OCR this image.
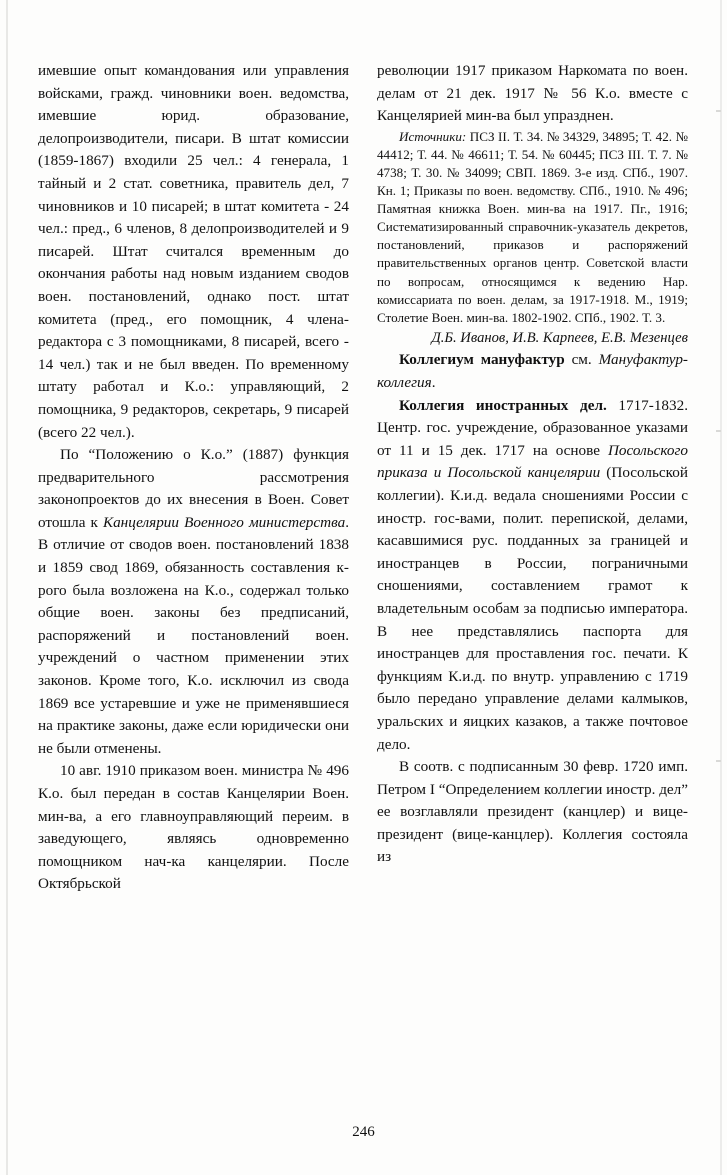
имевшие опыт командования или управления войсками, гражд. чиновники воен. ведомства, имевшие юрид. образование, делопроизводители, писари. В штат комиссии (1859-1867) входили 25 чел.: 4 генерала, 1 тайный и 2 стат. советника, правитель дел, 7 чиновников и 10 писарей; в штат комитета - 24 чел.: пред., 6 членов, 8 делопроизводителей и 9 писарей. Штат считался временным до окончания работы над новым изданием сводов воен. постановлений, однако пост. штат комитета (пред., его помощник, 4 члена-редактора с 3 помощниками, 8 писарей, всего - 14 чел.) так и не был введен. По временному штату работал и К.о.: управляющий, 2 помощника, 9 редакторов, секретарь, 9 писарей (всего 22 чел.).

По “Положению о К.о.” (1887) функция предварительного рассмотрения законопроектов до их внесения в Воен. Совет отошла к Канцелярии Военного министерства. В отличие от сводов воен. постановлений 1838 и 1859 свод 1869, обязанность составления к-рого была возложена на К.о., содержал только общие воен. законы без предписаний, распоряжений и постановлений воен. учреждений о частном применении этих законов. Кроме того, К.о. исключил из свода 1869 все устаревшие и уже не применявшиеся на практике законы, даже если юридически они не были отменены.

10 авг. 1910 приказом воен. министра № 496 К.о. был передан в состав Канцелярии Воен. мин-ва, а его главноуправляющий переим. в заведующего, являясь одновременно помощником нач-ка канцелярии. После Октябрьской

революции 1917 приказом Наркомата по воен. делам от 21 дек. 1917 № 56 К.о. вместе с Канцелярией мин-ва был упразднен.

Источники: ПСЗ II. Т. 34. № 34329, 34895; Т. 42. № 44412; Т. 44. № 46611; Т. 54. № 60445; ПСЗ III. Т. 7. № 4738; Т. 30. № 34099; СВП. 1869. 3-е изд. СПб., 1907. Кн. 1; Приказы по воен. ведомству. СПб., 1910. № 496; Памятная книжка Воен. мин-ва на 1917. Пг., 1916; Систематизированный справочник-указатель декретов, постановлений, приказов и распоряжений правительственных органов центр. Советской власти по вопросам, относящимся к ведению Нар. комиссариата по воен. делам, за 1917-1918. М., 1919; Столетие Воен. мин-ва. 1802-1902. СПб., 1902. Т. 3.

Д.Б. Иванов, И.В. Карпеев, Е.В. Мезенцев

Коллегиум мануфактур см. Мануфактур-коллегия.

Коллегия иностранных дел. 1717-1832. Центр. гос. учреждение, образованное указами от 11 и 15 дек. 1717 на основе Посольского приказа и Посольской канцелярии (Посольской коллегии). К.и.д. ведала сношениями России с иностр. гос-вами, полит. перепиской, делами, касавшимися рус. подданных за границей и иностранцев в России, пограничными сношениями, составлением грамот к владетельным особам за подписью императора. В нее представлялись паспорта для иностранцев для проставления гос. печати. К функциям К.и.д. по внутр. управлению с 1719 было передано управление делами калмыков, уральских и яицких казаков, а также почтовое дело.

В соотв. с подписанным 30 февр. 1720 имп. Петром I “Определением коллегии иностр. дел” ее возглавляли президент (канцлер) и вице-президент (вице-канцлер). Коллегия состояла из

246
